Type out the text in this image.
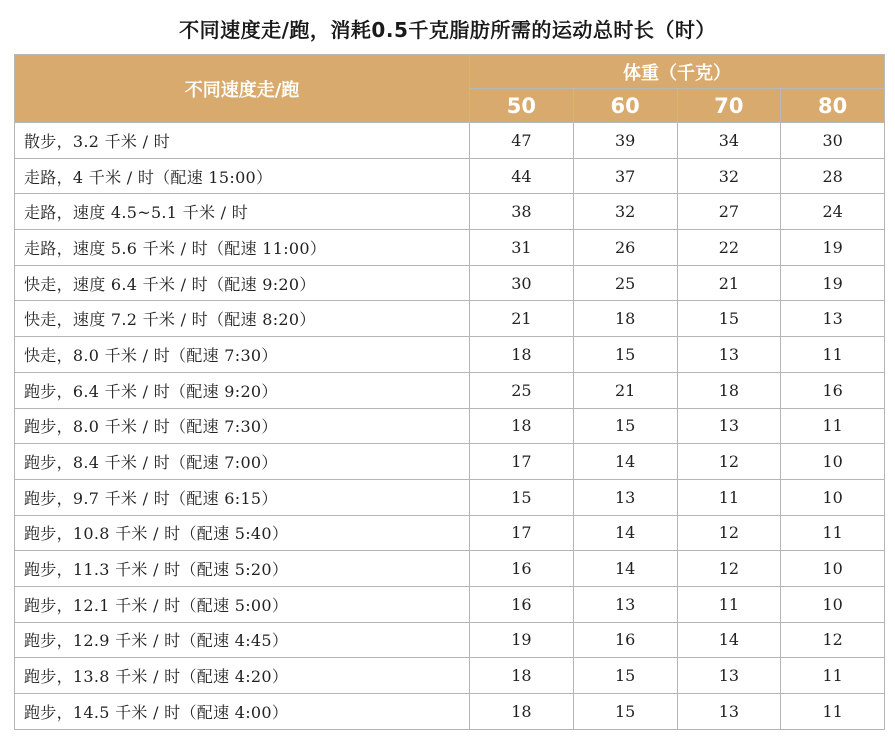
不同速度走/跑，消耗0.5千克脂肪所需的运动总时长（时）
不同速度走/跑	体重（千克）			
	50	60	70	80
散步，3.2 千米 / 时	47	39	34	30
走路，4 千米 / 时（配速 15:00）	44	37	32	28
走路，速度 4.5~5.1 千米 / 时	38	32	27	24
走路，速度 5.6 千米 / 时（配速 11:00）	31	26	22	19
快走，速度 6.4 千米 / 时（配速 9:20）	30	25	21	19
快走，速度 7.2 千米 / 时（配速 8:20）	21	18	15	13
快走，8.0 千米 / 时（配速 7:30）	18	15	13	11
跑步，6.4 千米 / 时（配速 9:20）	25	21	18	16
跑步，8.0 千米 / 时（配速 7:30）	18	15	13	11
跑步，8.4 千米 / 时（配速 7:00）	17	14	12	10
跑步，9.7 千米 / 时（配速 6:15）	15	13	11	10
跑步，10.8 千米 / 时（配速 5:40）	17	14	12	11
跑步，11.3 千米 / 时（配速 5:20）	16	14	12	10
跑步，12.1 千米 / 时（配速 5:00）	16	13	11	10
跑步，12.9 千米 / 时（配速 4:45）	19	16	14	12
跑步，13.8 千米 / 时（配速 4:20）	18	15	13	11
跑步，14.5 千米 / 时（配速 4:00）	18	15	13	11
